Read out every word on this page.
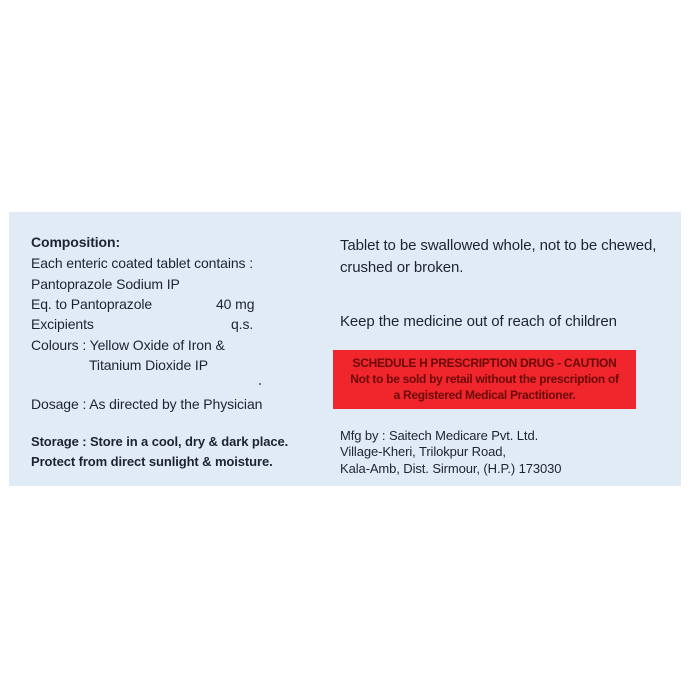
Composition:
Each enteric coated tablet contains :
Pantoprazole Sodium IP
Eq. to Pantoprazole	40 mg
Excipients	q.s.
Colours : Yellow Oxide of Iron &
Titanium Dioxide IP
Dosage : As directed by the Physician
Storage : Store in a cool, dry & dark place.
Protect from direct sunlight & moisture.
Tablet to be swallowed whole, not to be chewed,
crushed or broken.
Keep the medicine out of reach of children
SCHEDULE H PRESCRIPTION DRUG - CAUTION
Not to be sold by retail without the prescription of
a Registered Medical Practitioner.
Mfg by : Saitech Medicare Pvt. Ltd.
Village-Kheri, Trilokpur Road,
Kala-Amb, Dist. Sirmour, (H.P.) 173030
